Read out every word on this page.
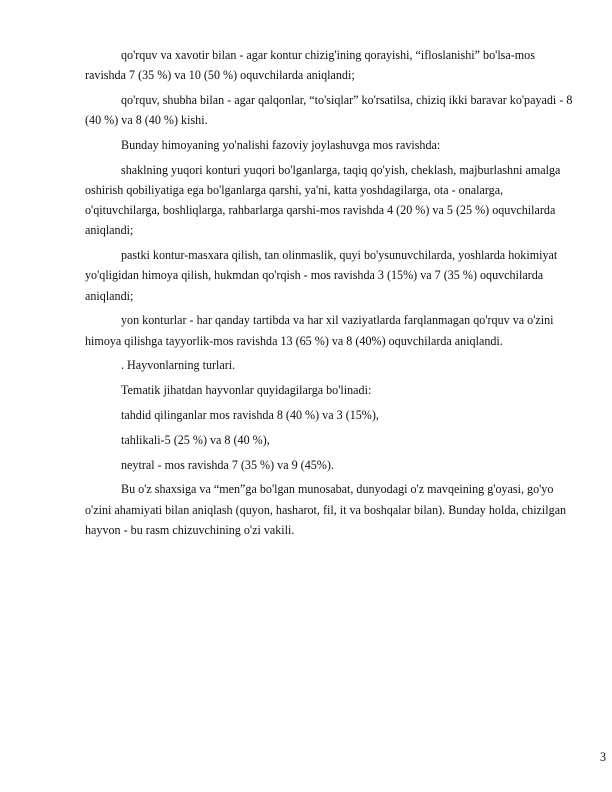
qo'rquv va xavotir bilan - agar kontur chizig'ining qorayishi, “ifloslanishi” bo'lsa-mos ravishda 7 (35 %) va 10 (50 %) oquvchilarda aniqlandi;

qo'rquv, shubha bilan - agar qalqonlar, “to'siqlar” ko'rsatilsa, chiziq ikki baravar ko'payadi - 8 (40 %) va 8 (40 %) kishi.

Bunday himoyaning yo'nalishi fazoviy joylashuvga mos ravishda:

shaklning yuqori konturi yuqori bo'lganlarga, taqiq qo'yish, cheklash, majburlashni amalga oshirish qobiliyatiga ega bo'lganlarga qarshi, ya'ni, katta yoshdagilarga, ota - onalarga, o'qituvchilarga, boshliqlarga, rahbarlarga qarshi-mos ravishda 4 (20 %) va 5 (25 %) oquvchilarda aniqlandi;

pastki kontur-masxara qilish, tan olinmaslik, quyi bo'ysunuvchilarda, yoshlarda hokimiyat yo'qligidan himoya qilish, hukmdan qo'rqish - mos ravishda 3 (15%) va 7 (35 %) oquvchilarda aniqlandi;

yon konturlar - har qanday tartibda va har xil vaziyatlarda farqlanmagan qo'rquv va o'zini himoya qilishga tayyorlik-mos ravishda 13 (65 %) va 8 (40%) oquvchilarda aniqlandi.

. Hayvonlarning turlari.

Tematik jihatdan hayvonlar quyidagilarga bo'linadi:

tahdid qilinganlar mos ravishda 8 (40 %) va 3 (15%),

tahlikali-5 (25 %) va 8 (40 %),

neytral - mos ravishda 7 (35 %) va 9 (45%).

Bu o'z shaxsiga va “men”ga bo'lgan munosabat, dunyodagi o'z mavqeining g'oyasi, go'yo o'zini ahamiyati bilan aniqlash (quyon, hasharot, fil, it va boshqalar bilan). Bunday holda, chizilgan hayvon - bu rasm chizuvchining o'zi vakili.

3
